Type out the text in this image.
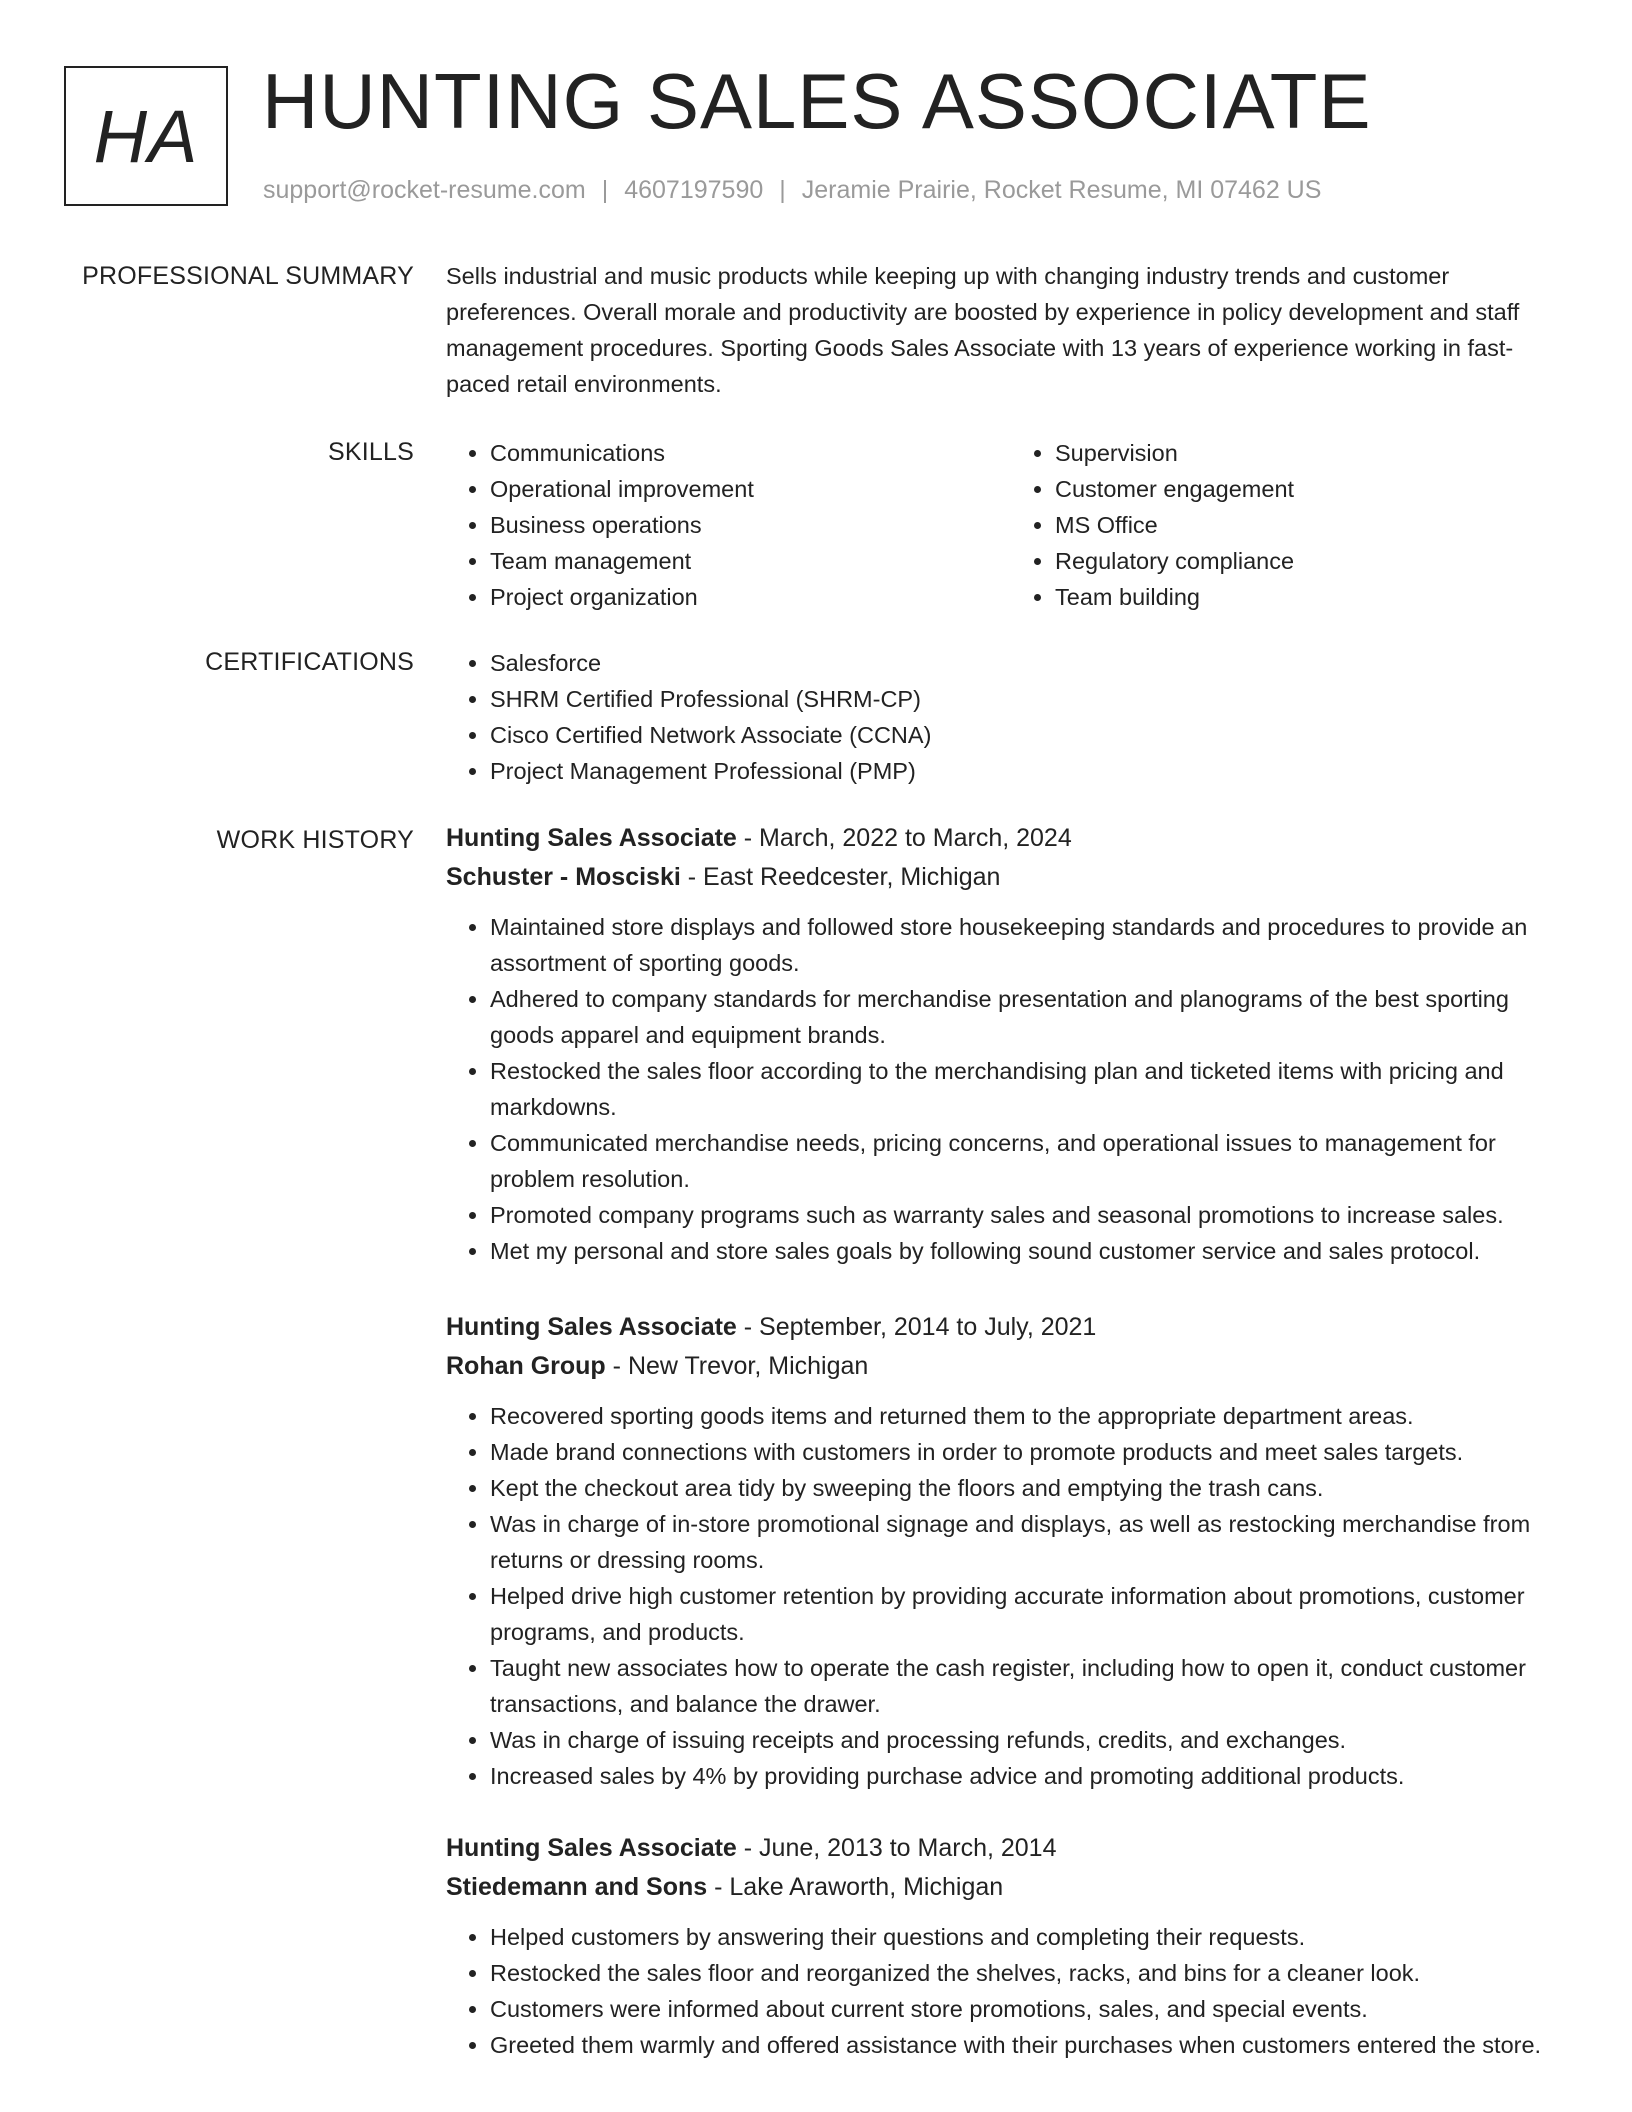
HA HUNTING SALES ASSOCIATE
support@rocket-resume.com | 4607197590 | Jeramie Prairie, Rocket Resume, MI 07462 US
PROFESSIONAL SUMMARY Sells industrial and music products while keeping up with changing industry trends and customer preferences. Overall morale and productivity are boosted by experience in policy development and staff management procedures. Sporting Goods Sales Associate with 13 years of experience working in fast-paced retail environments.

SKILLS	• Communications
• Operational improvement
• Business operations
• Team management
• Project organization
• Supervision
• Customer engagement
• MS Office
• Regulatory compliance
• Team building
CERTIFICATIONS	• Salesforce
• SHRM Certified Professional (SHRM-CP)
• Cisco Certified Network Associate (CCNA)
• Project Management Professional (PMP)
WORK HISTORY Hunting Sales Associate - March, 2022 to March, 2024
Schuster - Mosciski - East Reedcester, Michigan
• Maintained store displays and followed store housekeeping standards and procedures to provide an assortment of sporting goods.
• Adhered to company standards for merchandise presentation and planograms of the best sporting goods apparel and equipment brands.
• Restocked the sales floor according to the merchandising plan and ticketed items with pricing and markdowns.
• Communicated merchandise needs, pricing concerns, and operational issues to management for problem resolution.
• Promoted company programs such as warranty sales and seasonal promotions to increase sales.
• Met my personal and store sales goals by following sound customer service and sales protocol.
Hunting Sales Associate - September, 2014 to July, 2021
Rohan Group - New Trevor, Michigan
• Recovered sporting goods items and returned them to the appropriate department areas.
• Made brand connections with customers in order to promote products and meet sales targets.
• Kept the checkout area tidy by sweeping the floors and emptying the trash cans.
• Was in charge of in-store promotional signage and displays, as well as restocking merchandise from returns or dressing rooms.
• Helped drive high customer retention by providing accurate information about promotions, customer programs, and products.
• Taught new associates how to operate the cash register, including how to open it, conduct customer transactions, and balance the drawer.
• Was in charge of issuing receipts and processing refunds, credits, and exchanges.
• Increased sales by 4% by providing purchase advice and promoting additional products.
Hunting Sales Associate - June, 2013 to March, 2014
Stiedemann and Sons - Lake Araworth, Michigan
• Helped customers by answering their questions and completing their requests.
• Restocked the sales floor and reorganized the shelves, racks, and bins for a cleaner look.
• Customers were informed about current store promotions, sales, and special events.
• Greeted them warmly and offered assistance with their purchases when customers entered the store.
